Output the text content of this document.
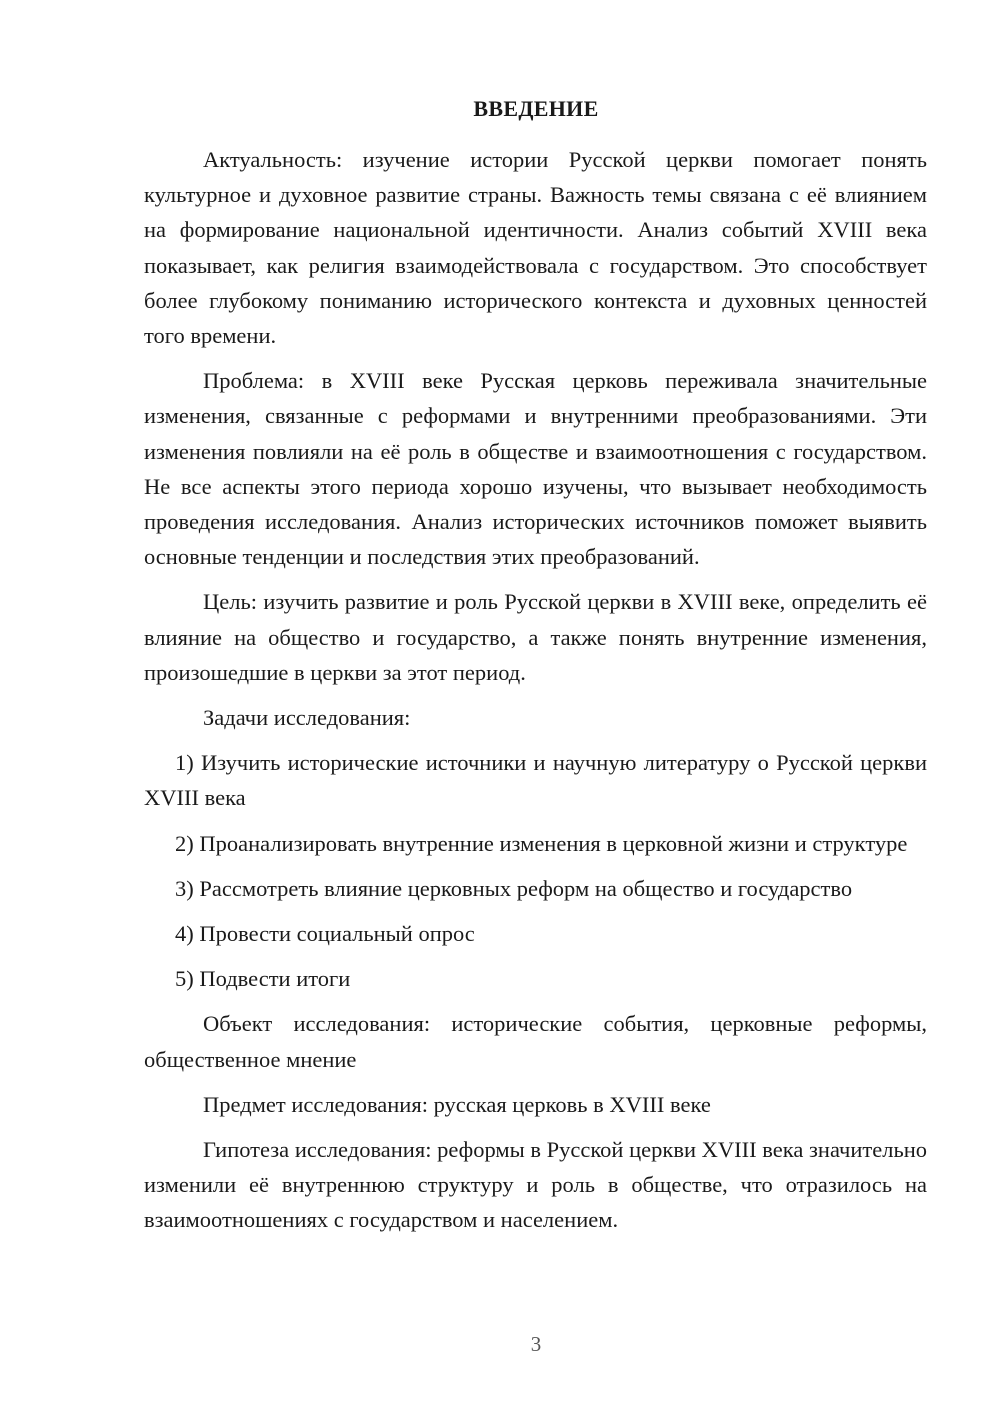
ВВЕДЕНИЕ

Актуальность: изучение истории Русской церкви помогает понять культурное и духовное развитие страны. Важность темы связана с её влиянием на формирование национальной идентичности. Анализ событий XVIII века показывает, как религия взаимодействовала с государством. Это способствует более глубокому пониманию исторического контекста и духовных ценностей того времени.

Проблема: в XVIII веке Русская церковь переживала значительные изменения, связанные с реформами и внутренними преобразованиями. Эти изменения повлияли на её роль в обществе и взаимоотношения с государством. Не все аспекты этого периода хорошо изучены, что вызывает необходимость проведения исследования. Анализ исторических источников поможет выявить основные тенденции и последствия этих преобразований.

Цель: изучить развитие и роль Русской церкви в XVIII веке, определить её влияние на общество и государство, а также понять внутренние изменения, произошедшие в церкви за этот период.

Задачи исследования:

1) Изучить исторические источники и научную литературу о Русской церкви XVIII века

2) Проанализировать внутренние изменения в церковной жизни и структуре

3) Рассмотреть влияние церковных реформ на общество и государство

4) Провести социальный опрос

5) Подвести итоги

Объект исследования: исторические события, церковные реформы, общественное мнение

Предмет исследования: русская церковь в XVIII веке

Гипотеза исследования: реформы в Русской церкви XVIII века значительно изменили её внутреннюю структуру и роль в обществе, что отразилось на взаимоотношениях с государством и населением.

3
